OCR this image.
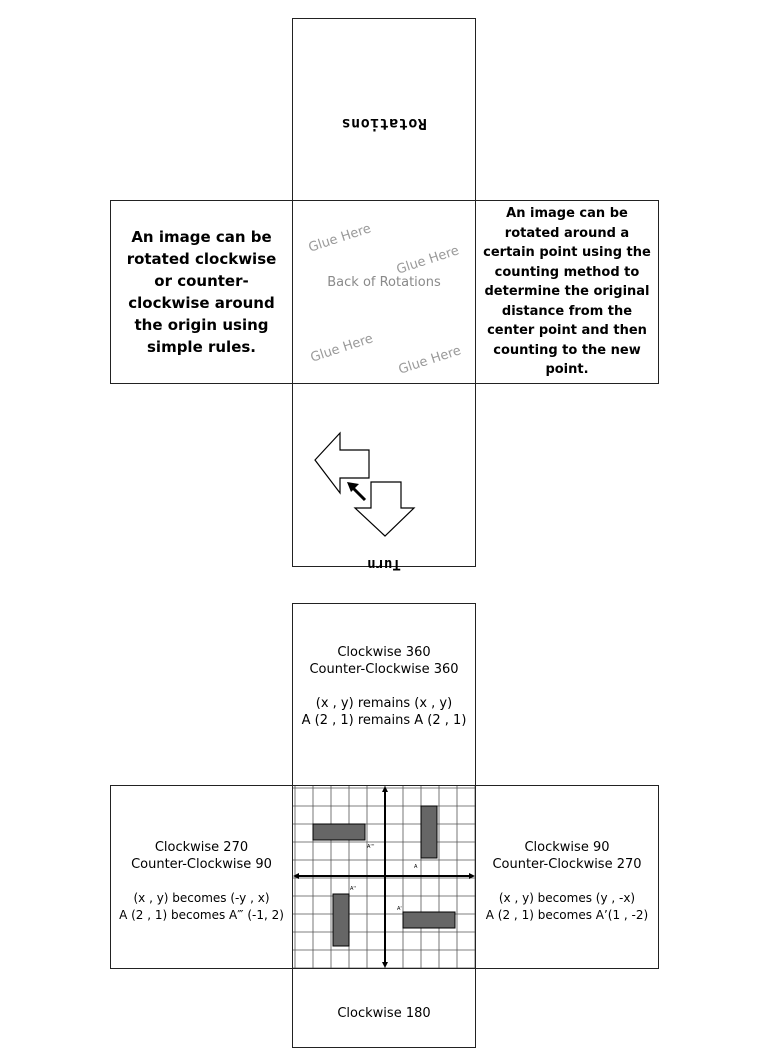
Rotations
An image can be rotated clockwise or counter-clockwise around the origin using simple rules.
Glue Here
Glue Here
Back of Rotations
Glue Here Glue Here
An image can be rotated around a certain point using the counting method to determine the original distance from the center point and then counting to the new point.
Turn
Clockwise 360
Counter-Clockwise 360
(x , y) remains (x , y)
A (2 , 1) remains A (2 , 1)
Clockwise 270
Counter-Clockwise 90
(x , y) becomes (-y , x)
A (2 , 1) becomes A‴ (-1, 2)
A
A'
A''
A'''	Clockwise 90
Counter-Clockwise 270
(x , y) becomes (y , -x)
A (2 , 1) becomes A’(1 , -2)
Clockwise 180
